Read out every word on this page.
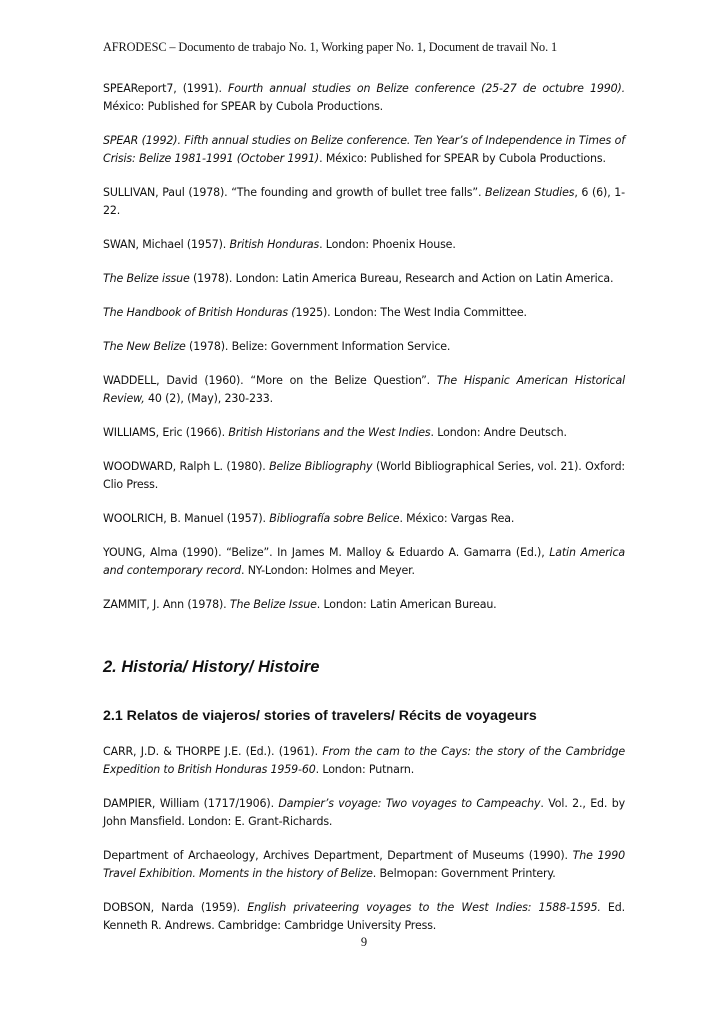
AFRODESC – Documento de trabajo No. 1, Working paper No. 1, Document de travail No. 1

SPEAReport7, (1991). Fourth annual studies on Belize conference (25-27 de octubre 1990). México: Published for SPEAR by Cubola Productions.

SPEAR (1992). Fifth annual studies on Belize conference. Ten Year’s of Independence in Times of Crisis: Belize 1981-1991 (October 1991). México: Published for SPEAR by Cubola Productions.

SULLIVAN, Paul (1978). “The founding and growth of bullet tree falls”. Belizean Studies, 6 (6), 1-22.

SWAN, Michael (1957). British Honduras. London: Phoenix House.

The Belize issue (1978). London: Latin America Bureau, Research and Action on Latin America.

The Handbook of British Honduras (1925). London: The West India Committee.

The New Belize (1978). Belize: Government Information Service.

WADDELL, David (1960). “More on the Belize Question”. The Hispanic American Historical Review, 40 (2), (May), 230-233.

WILLIAMS, Eric (1966). British Historians and the West Indies. London: Andre Deutsch.

WOODWARD, Ralph L. (1980). Belize Bibliography (World Bibliographical Series, vol. 21). Oxford: Clio Press.

WOOLRICH, B. Manuel (1957). Bibliografía sobre Belice. México: Vargas Rea.

YOUNG, Alma (1990). “Belize”. In James M. Malloy & Eduardo A. Gamarra (Ed.), Latin America and contemporary record. NY-London: Holmes and Meyer.

ZAMMIT, J. Ann (1978). The Belize Issue. London: Latin American Bureau.

2. Historia/ History/ Histoire
2.1 Relatos de viajeros/ stories of travelers/ Récits de voyageurs

CARR, J.D. & THORPE J.E. (Ed.). (1961). From the cam to the Cays: the story of the Cambridge Expedition to British Honduras 1959-60. London: Putnarn.

DAMPIER, William (1717/1906). Dampier’s voyage: Two voyages to Campeachy. Vol. 2., Ed. by John Mansfield. London: E. Grant-Richards.

Department of Archaeology, Archives Department, Department of Museums (1990). The 1990 Travel Exhibition. Moments in the history of Belize. Belmopan: Government Printery.

DOBSON, Narda (1959). English privateering voyages to the West Indies: 1588-1595. Ed. Kenneth R. Andrews. Cambridge: Cambridge University Press.

9
